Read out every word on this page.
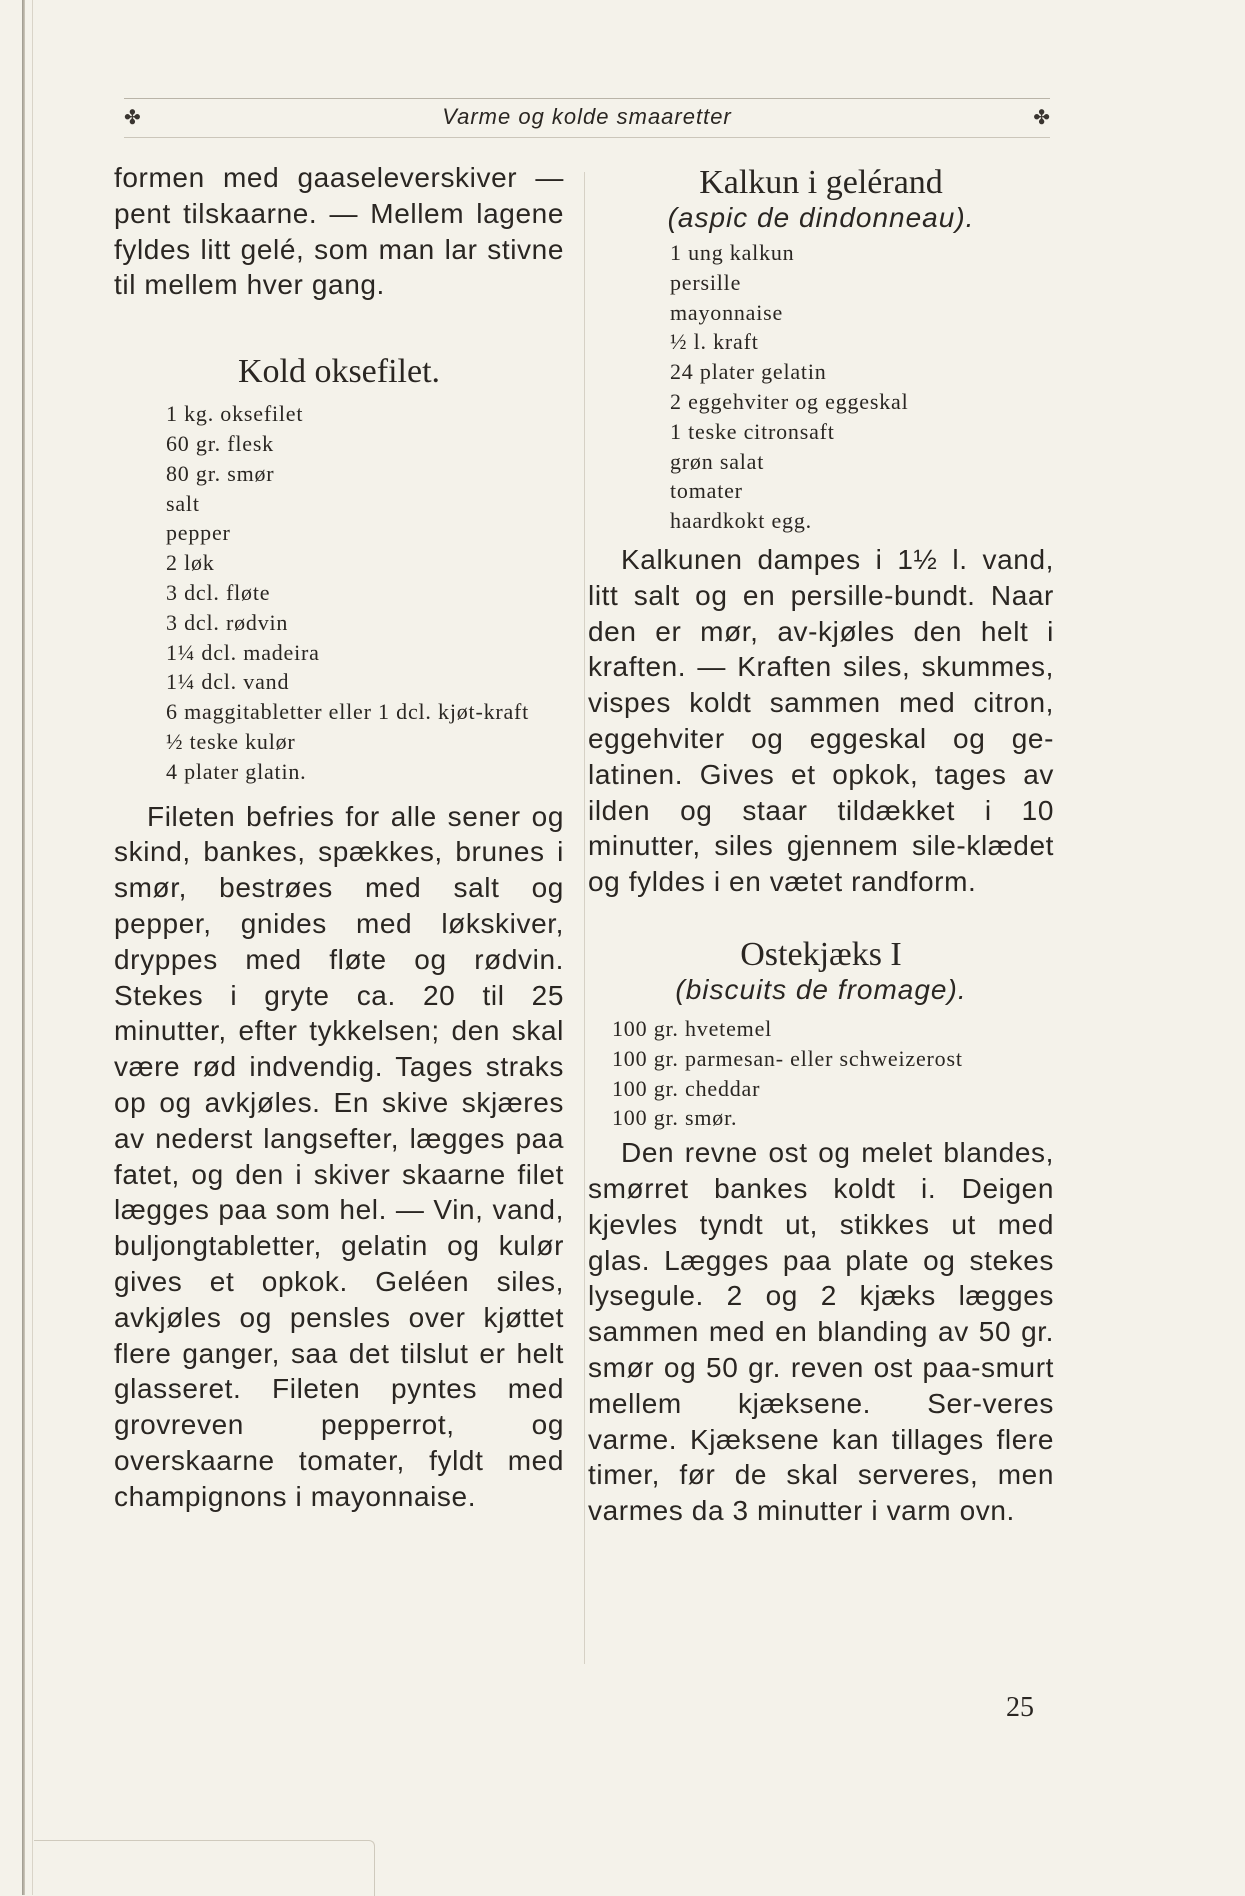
✤	Varme og kolde smaaretter	✤

formen med gaaseleverskiver — pent tilskaarne. — Mellem lagene fyldes litt gelé, som man lar stivne til mellem hver gang.

Kold oksefilet.
1 kg. oksefilet
60 gr. flesk
80 gr. smør
salt
pepper
2 løk
3 dcl. fløte
3 dcl. rødvin
1¼ dcl. madeira
1¼ dcl. vand
6 maggitabletter eller 1 dcl. kjøt-kraft
½ teske kulør
4 plater glatin.

Fileten befries for alle sener og skind, bankes, spækkes, brunes i smør, bestrøes med salt og pepper, gnides med løkskiver, dryppes med fløte og rødvin. Stekes i gryte ca. 20 til 25 minutter, efter tykkelsen; den skal være rød indvendig. Tages straks op og avkjøles. En skive skjæres av nederst langsefter, lægges paa fatet, og den i skiver skaarne filet lægges paa som hel. — Vin, vand, buljongtabletter, gelatin og kulør gives et opkok. Geléen siles, avkjøles og pensles over kjøttet flere ganger, saa det tilslut er helt glasseret. Fileten pyntes med grovreven pepperrot, og overskaarne tomater, fyldt med champignons i mayonnaise.

Kalkun i gelérand

(aspic de dindonneau).

1 ung kalkun
persille
mayonnaise
½ l. kraft
24 plater gelatin
2 eggehviter og eggeskal
1 teske citronsaft
grøn salat
tomater
haardkokt egg.

Kalkunen dampes i 1½ l. vand, litt salt og en persille-bundt. Naar den er mør, av-kjøles den helt i kraften. — Kraften siles, skummes, vispes koldt sammen med citron, eggehviter og eggeskal og ge-latinen. Gives et opkok, tages av ilden og staar tildækket i 10 minutter, siles gjennem sile-klædet og fyldes i en vætet randform.

Ostekjæks I

(biscuits de fromage).

100 gr. hvetemel
100 gr. parmesan- eller schweizerost
100 gr. cheddar
100 gr. smør.

Den revne ost og melet blandes, smørret bankes koldt i. Deigen kjevles tyndt ut, stikkes ut med glas. Lægges paa plate og stekes lysegule. 2 og 2 kjæks lægges sammen med en blanding av 50 gr. smør og 50 gr. reven ost paa-smurt mellem kjæksene. Ser-veres varme. Kjæksene kan tillages flere timer, før de skal serveres, men varmes da 3 minutter i varm ovn.

25
